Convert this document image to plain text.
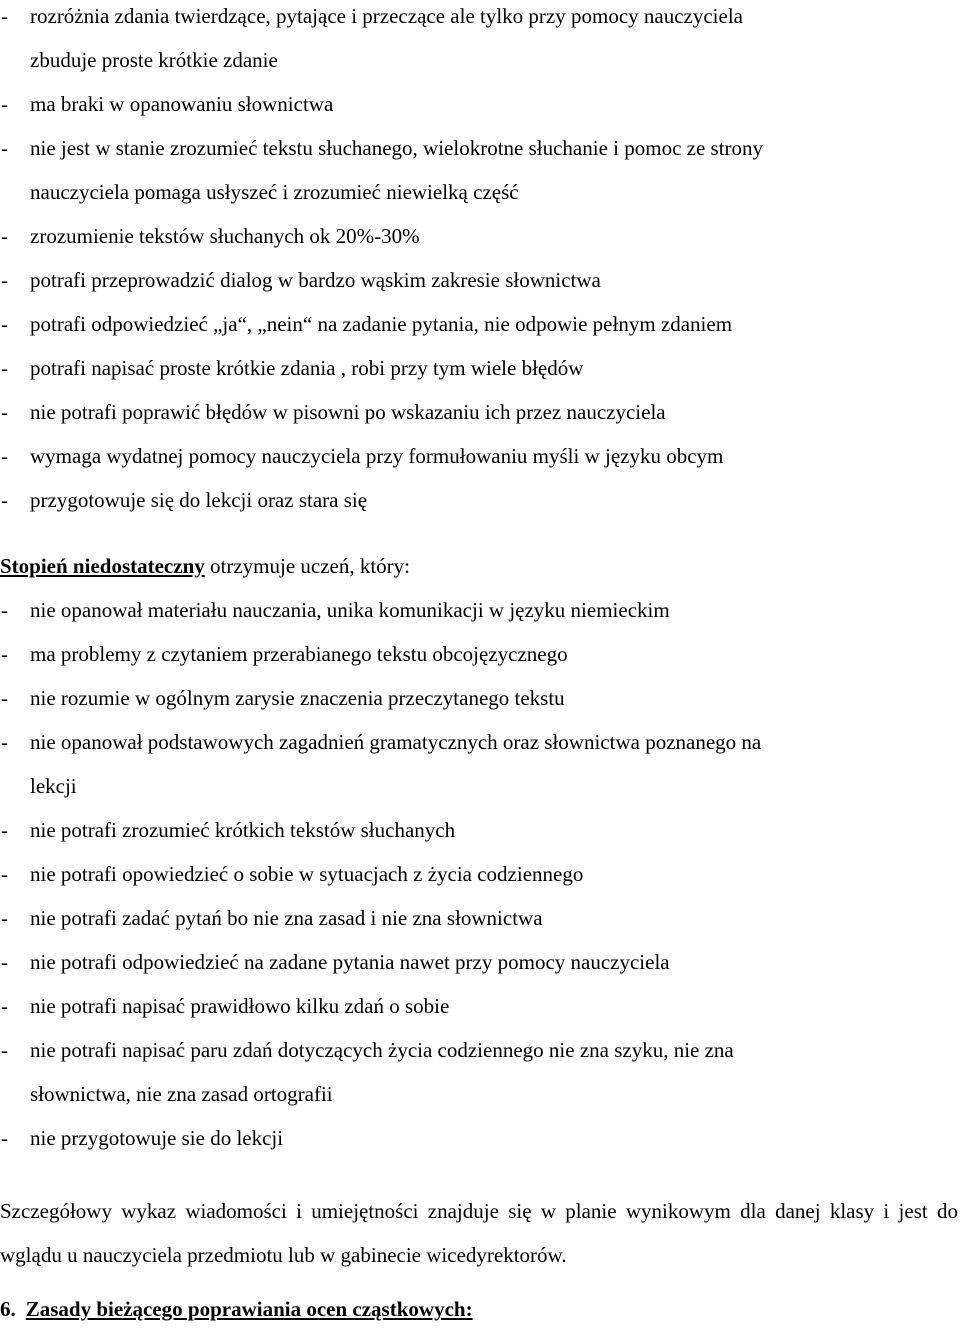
- rozróżnia zdania twierdzące, pytające i przeczące ale tylko przy pomocy nauczyciela
zbuduje proste krótkie zdanie
- ma braki w opanowaniu słownictwa
- nie jest w stanie zrozumieć tekstu słuchanego, wielokrotne słuchanie i pomoc ze strony
nauczyciela pomaga usłyszeć i zrozumieć niewielką część
- zrozumienie tekstów słuchanych ok 20%-30%
- potrafi przeprowadzić dialog w bardzo wąskim zakresie słownictwa
- potrafi odpowiedzieć „ja“, „nein“ na zadanie pytania, nie odpowie pełnym zdaniem
- potrafi napisać proste krótkie zdania , robi przy tym wiele błędów
- nie potrafi poprawić błędów w pisowni po wskazaniu ich przez nauczyciela
- wymaga wydatnej pomocy nauczyciela przy formułowaniu myśli w języku obcym
- przygotowuje się do lekcji oraz stara się
Stopień niedostateczny otrzymuje uczeń, który:
- nie opanował materiału nauczania, unika komunikacji w języku niemieckim
- ma problemy z czytaniem przerabianego tekstu obcojęzycznego
- nie rozumie w ogólnym zarysie znaczenia przeczytanego tekstu
- nie opanował podstawowych zagadnień gramatycznych oraz słownictwa poznanego na
lekcji
- nie potrafi zrozumieć krótkich tekstów słuchanych
- nie potrafi opowiedzieć o sobie w sytuacjach z życia codziennego
- nie potrafi zadać pytań bo nie zna zasad i nie zna słownictwa
- nie potrafi odpowiedzieć na zadane pytania nawet przy pomocy nauczyciela
- nie potrafi napisać prawidłowo kilku zdań o sobie
- nie potrafi napisać paru zdań dotyczących życia codziennego nie zna szyku, nie zna
słownictwa, nie zna zasad ortografii
- nie przygotowuje sie do lekcji

Szczegółowy wykaz wiadomości i umiejętności znajduje się w planie wynikowym dla danej klasy i jest do wglądu u nauczyciela przedmiotu lub w gabinecie wicedyrektorów.

6. Zasady bieżącego poprawiania ocen cząstkowych:
